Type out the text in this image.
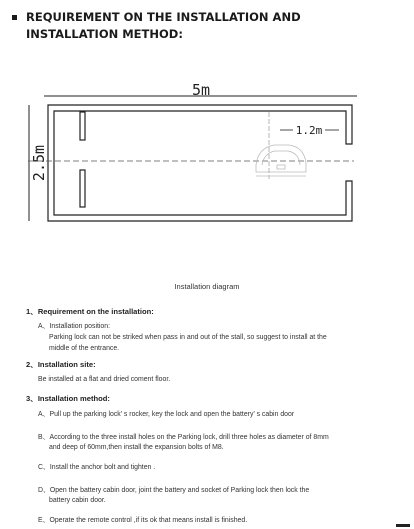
REQUIREMENT ON THE INSTALLATION AND
INSTALLATION METHOD:
5m
2.5m
1.2m
Installation diagram
1、Requirement on the installation:
A、Installation position:
Parking lock can not be striked when pass in and out of the stall, so suggest to install at the
middle of the entrance.
2、Installation site:
Be installed at a flat and dried coment floor.
3、Installation method:
A、Pull up the parking lock’ s rocker, key the lock and open the battery’ s cabin door
B、According to the three install holes on the Parking lock, drill three holes as diameter of 8mm
and deep of 60mm,then install the expansion bolts of M8.
C、Install the anchor bolt and tighten .
D、Open the battery cabin door, joint the battery and socket of Parking lock then lock the
battery cabin door.
E、Operate the remote control ,if its ok that means install is finished.
